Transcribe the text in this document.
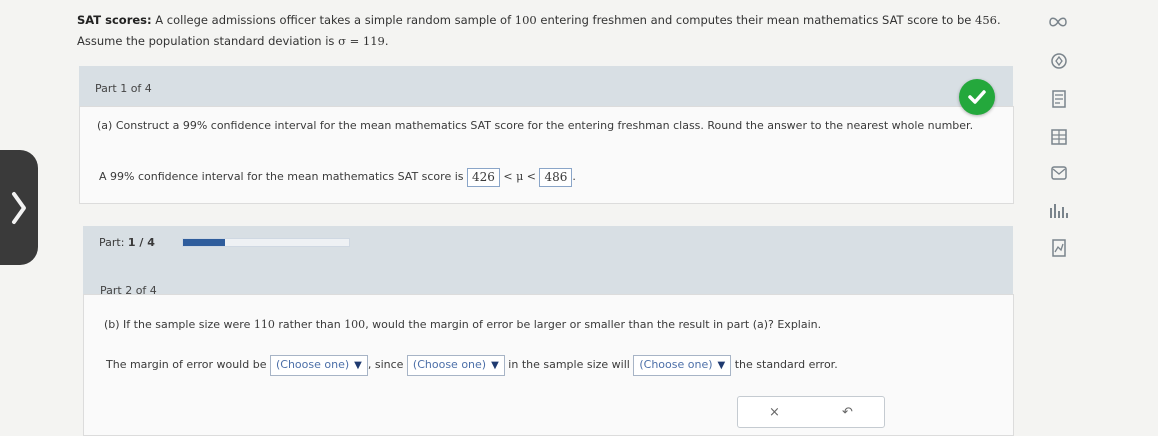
SAT scores: A college admissions officer takes a simple random sample of 100 entering freshmen and computes their mean mathematics SAT score to be 456. Assume the population standard deviation is σ = 119.
Part 1 of 4
(a) Construct a 99% confidence interval for the mean mathematics SAT score for the entering freshman class. Round the answer to the nearest whole number.
A 99% confidence interval for the mean mathematics SAT score is 426 < μ < 486 .
Part: 1 / 4
Part 2 of 4
(b) If the sample size were 110 rather than 100, would the margin of error be larger or smaller than the result in part (a)? Explain.
The margin of error would be (Choose one) ▼ , since (Choose one) ▼ in the sample size will (Choose one) ▼ the standard error.
×	↶
